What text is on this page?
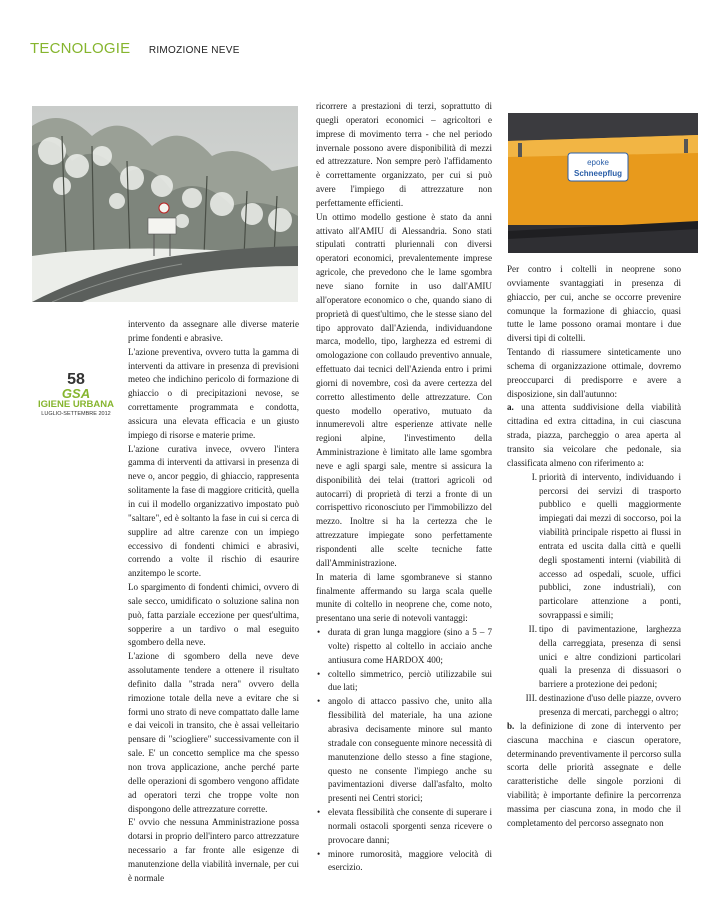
TECNOLOGIE RIMOZIONE NEVE
epoke
Schneepflug
58
GSA
IGIENE URBANA
LUGLIO-SETTEMBRE 2012

intervento da assegnare alle diverse materie prime fondenti e abrasive.

L'azione preventiva, ovvero tutta la gamma di interventi da attivare in presenza di previsioni meteo che indichino pericolo di formazione di ghiaccio o di precipitazioni nevose, se correttamente programmata e condotta, assicura una elevata efficacia e un giusto impiego di risorse e materie prime.

L'azione curativa invece, ovvero l'intera gamma di interventi da attivarsi in presenza di neve o, ancor peggio, di ghiaccio, rappresenta solitamente la fase di maggiore criticità, quella in cui il modello organizzativo impostato può "saltare", ed è soltanto la fase in cui si cerca di supplire ad altre carenze con un impiego eccessivo di fondenti chimici e abrasivi, correndo a volte il rischio di esaurire anzitempo le scorte.

Lo spargimento di fondenti chimici, ovvero di sale secco, umidificato o soluzione salina non può, fatta parziale eccezione per quest'ultima, sopperire a un tardivo o mal eseguito sgombero della neve.

L'azione di sgombero della neve deve assolutamente tendere a ottenere il risultato definito dalla "strada nera" ovvero della rimozione totale della neve a evitare che si formi uno strato di neve compattato dalle lame e dai veicoli in transito, che è assai velleitario pensare di "sciogliere" successivamente con il sale. E' un concetto semplice ma che spesso non trova applicazione, anche perché parte delle operazioni di sgombero vengono affidate ad operatori terzi che troppe volte non dispongono delle attrezzature corrette.

E' ovvio che nessuna Amministrazione possa dotarsi in proprio dell'intero parco attrezzature necessario a far fronte alle esigenze di manutenzione della viabilità invernale, per cui è normale

ricorrere a prestazioni di terzi, soprattutto di quegli operatori economici – agricoltori e imprese di movimento terra - che nel periodo invernale possono avere disponibilità di mezzi ed attrezzature. Non sempre però l'affidamento è correttamente organizzato, per cui si può avere l'impiego di attrezzature non perfettamente efficienti.

Un ottimo modello gestione è stato da anni attivato all'AMIU di Alessandria. Sono stati stipulati contratti pluriennali con diversi operatori economici, prevalentemente imprese agricole, che prevedono che le lame sgombra neve siano fornite in uso dall'AMIU all'operatore economico o che, quando siano di proprietà di quest'ultimo, che le stesse siano del tipo approvato dall'Azienda, individuandone marca, modello, tipo, larghezza ed estremi di omologazione con collaudo preventivo annuale, effettuato dai tecnici dell'Azienda entro i primi giorni di novembre, così da avere certezza del corretto allestimento delle attrezzature. Con questo modello operativo, mutuato da innumerevoli altre esperienze attivate nelle regioni alpine, l'investimento della Amministrazione è limitato alle lame sgombra neve e agli spargi sale, mentre si assicura la disponibilità dei telai (trattori agricoli od autocarri) di proprietà di terzi a fronte di un corrispettivo riconosciuto per l'immobilizzo del mezzo. Inoltre si ha la certezza che le attrezzature impiegate sono perfettamente rispondenti alle scelte tecniche fatte dall'Amministrazione.

In materia di lame sgombraneve si stanno finalmente affermando su larga scala quelle munite di coltello in neoprene che, come noto, presentano una serie di notevoli vantaggi:

• durata di gran lunga maggiore (sino a 5 – 7 volte) rispetto al coltello in acciaio anche antiusura come HARDOX 400;
• coltello simmetrico, perciò utilizzabile sui due lati;
• angolo di attacco passivo che, unito alla flessibilità del materiale, ha una azione abrasiva decisamente minore sul manto stradale con conseguente minore necessità di manutenzione dello stesso a fine stagione, questo ne consente l'impiego anche su pavimentazioni diverse dall'asfalto, molto presenti nei Centri storici;
• elevata flessibilità che consente di superare i normali ostacoli sporgenti senza ricevere o provocare danni;
• minore rumorosità, maggiore velocità di esercizio.

Per contro i coltelli in neoprene sono ovviamente svantaggiati in presenza di ghiaccio, per cui, anche se occorre prevenire comunque la formazione di ghiaccio, quasi tutte le lame possono oramai montare i due diversi tipi di coltelli.

Tentando di riassumere sinteticamente uno schema di organizzazione ottimale, dovremo preoccuparci di predisporre e avere a disposizione, sin dall'autunno:

a. una attenta suddivisione della viabilità cittadina ed extra cittadina, in cui ciascuna strada, piazza, parcheggio o area aperta al transito sia veicolare che pedonale, sia classificata almeno con riferimento a:

I. priorità di intervento, individuando i percorsi dei servizi di trasporto pubblico e quelli maggiormente impiegati dai mezzi di soccorso, poi la viabilità principale rispetto ai flussi in entrata ed uscita dalla città e quelli degli spostamenti interni (viabilità di accesso ad ospedali, scuole, uffici pubblici, zone industriali), con particolare attenzione a ponti, sovrappassi e simili;
II. tipo di pavimentazione, larghezza della carreggiata, presenza di sensi unici e altre condizioni particolari quali la presenza di dissuasori o barriere a protezione dei pedoni;
III. destinazione d'uso delle piazze, ovvero presenza di mercati, parcheggi o altro;

b. la definizione di zone di intervento per ciascuna macchina e ciascun operatore, determinando preventivamente il percorso sulla scorta delle priorità assegnate e delle caratteristiche delle singole porzioni di viabilità; è importante definire la percorrenza massima per ciascuna zona, in modo che il completamento del percorso assegnato non
